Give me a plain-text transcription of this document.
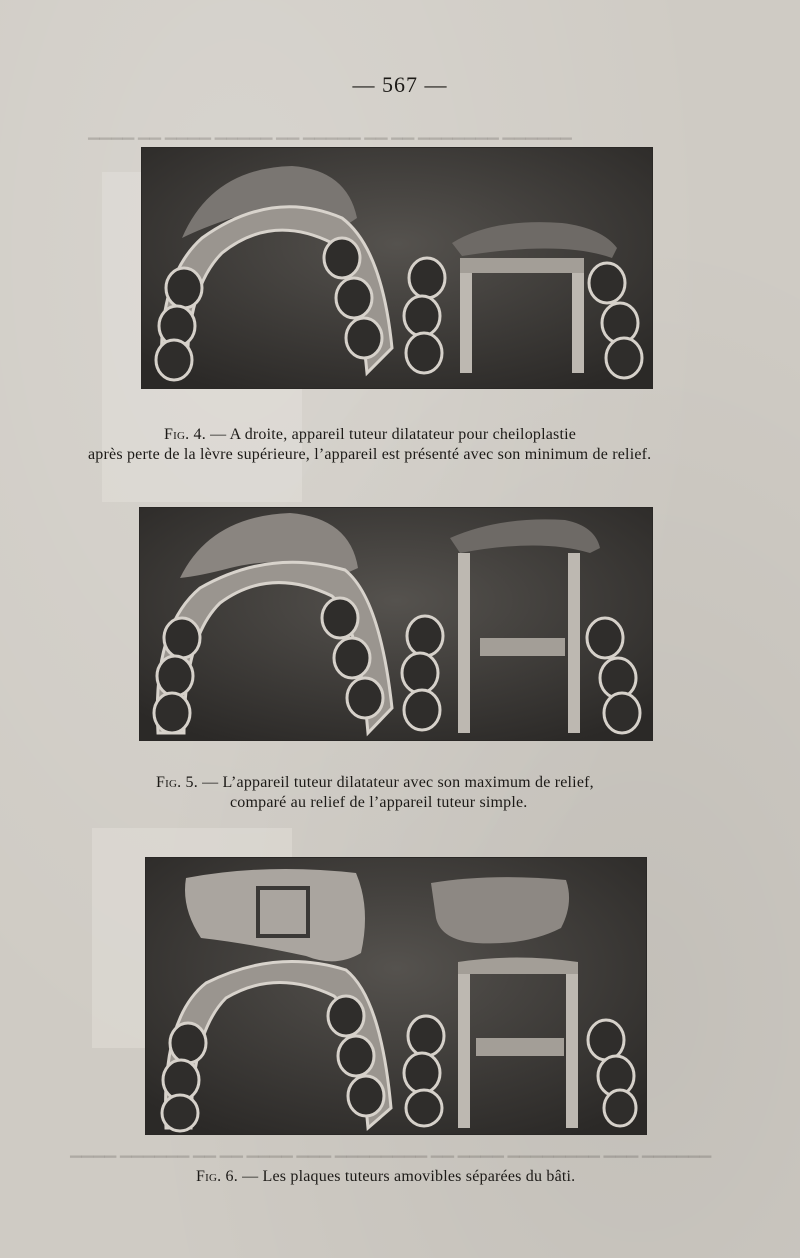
▁▁▁▁ ▁▁ ▁▁▁▁ ▁▁▁▁▁ ▁▁ ▁▁▁▁▁ ▁▁ ▁▁ ▁▁▁▁▁▁▁ ▁▁▁▁▁▁
— 567 —
Fig. 4. — A droite, appareil tuteur dilatateur pour cheiloplastie
après perte de la lèvre supérieure, l’appareil est présenté avec son minimum de relief.
Fig. 5. — L’appareil tuteur dilatateur avec son maximum de relief,
comparé au relief de l’appareil tuteur simple.
Fig. 6. — Les plaques tuteurs amovibles séparées du bâti.
▁▁▁▁ ▁▁▁▁▁▁ ▁▁ ▁▁ ▁▁▁▁ ▁▁▁ ▁▁▁▁▁▁▁▁ ▁▁ ▁▁▁▁ ▁▁▁▁▁▁▁▁ ▁▁▁ ▁▁▁▁▁▁
